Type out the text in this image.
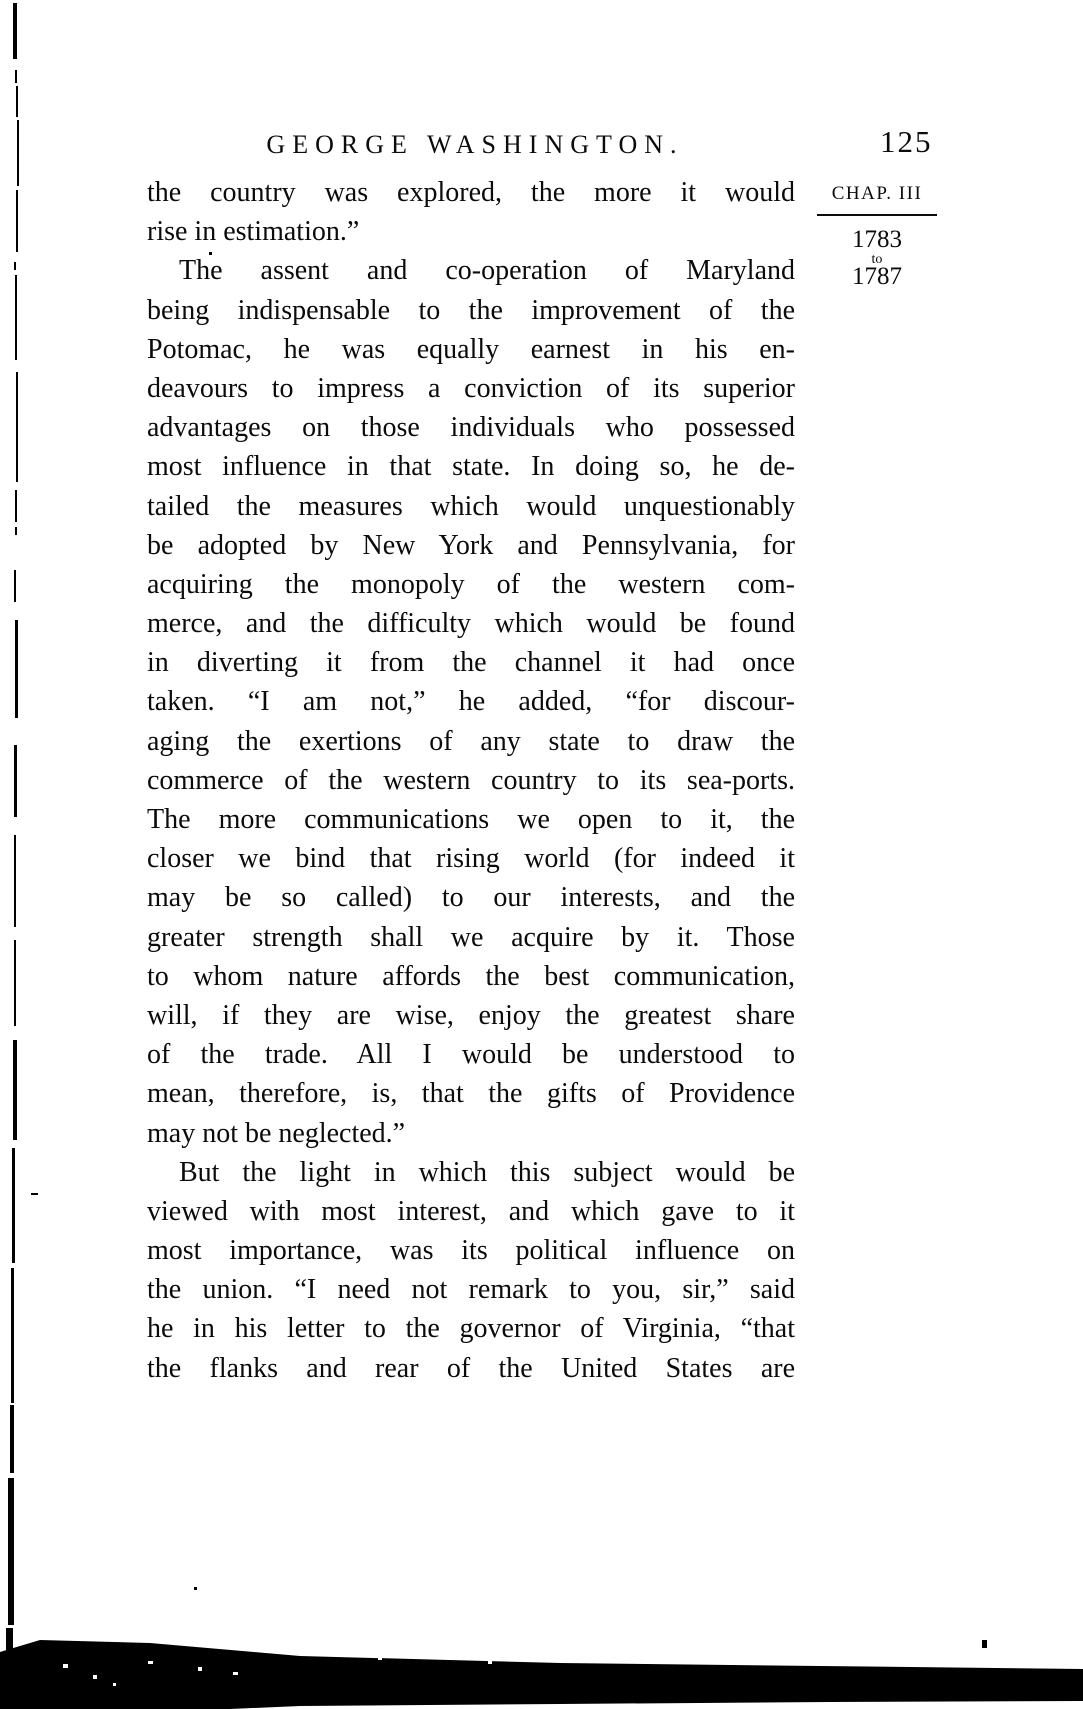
GEORGE WASHINGTON.	125
CHAP. III
1783
to
1787
the country was explored, the more it would
rise in estimation.”
The assent and co-operation of Maryland
being indispensable to the improvement of the
Potomac, he was equally earnest in his en-
deavours to impress a conviction of its superior
advantages on those individuals who possessed
most influence in that state. In doing so, he de-
tailed the measures which would unquestionably
be adopted by New York and Pennsylvania, for
acquiring the monopoly of the western com-
merce, and the difficulty which would be found
in diverting it from the channel it had once
taken. “I am not,” he added, “for discour-
aging the exertions of any state to draw the
commerce of the western country to its sea-ports.
The more communications we open to it, the
closer we bind that rising world (for indeed it
may be so called) to our interests, and the
greater strength shall we acquire by it. Those
to whom nature affords the best communication,
will, if they are wise, enjoy the greatest share
of the trade. All I would be understood to
mean, therefore, is, that the gifts of Providence
may not be neglected.”
But the light in which this subject would be
viewed with most interest, and which gave to it
most importance, was its political influence on
the union. “I need not remark to you, sir,” said
he in his letter to the governor of Virginia, “that
the flanks and rear of the United States are
